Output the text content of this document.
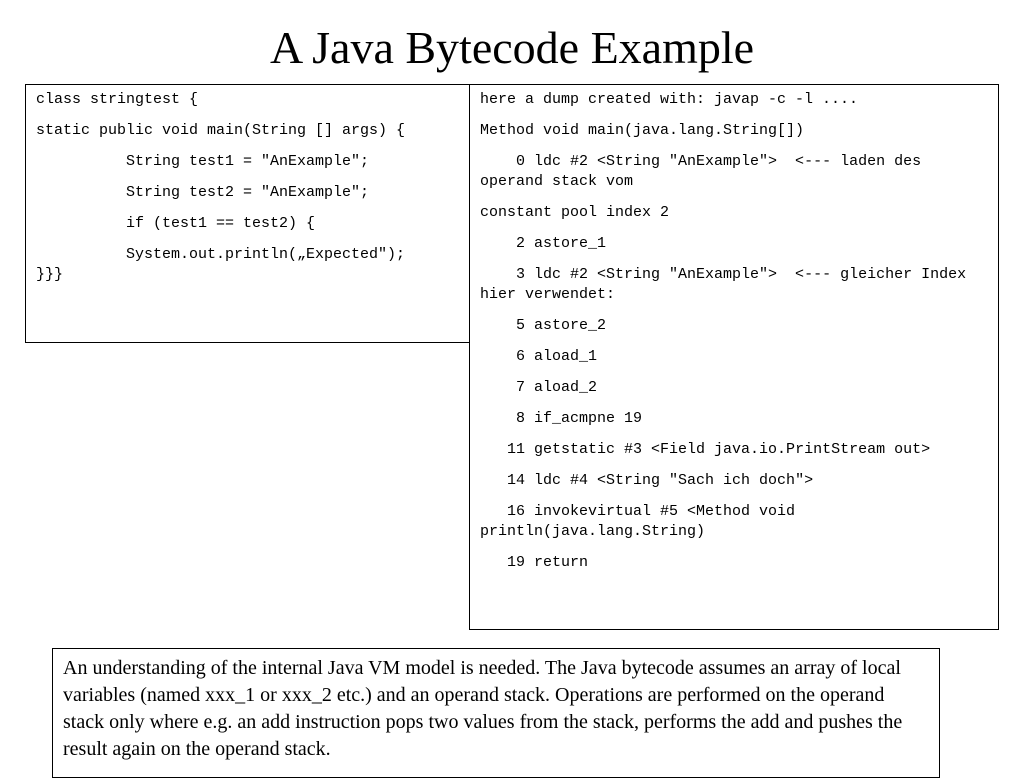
A Java Bytecode Example
class stringtest {
static public void main(String [] args) {
String test1 = "AnExample";
String test2 = "AnExample";
if (test1 == test2) {
System.out.println(„Expected");
}}}
here a dump created with: javap -c -l ....
Method void main(java.lang.String[])
0 ldc #2 <String "AnExample">  <--- laden des operand stack vom
constant pool index 2
2 astore_1
3 ldc #2 <String "AnExample">  <--- gleicher Index hier verwendet:
5 astore_2
6 aload_1
7 aload_2
8 if_acmpne 19
11 getstatic #3 <Field java.io.PrintStream out>
14 ldc #4 <String "Sach ich doch">
16 invokevirtual #5 <Method void println(java.lang.String)
19 return
An understanding of the internal Java VM model is needed. The Java bytecode assumes an array of local variables (named xxx_1 or xxx_2 etc.) and an operand stack. Operations are performed on the operand stack only where e.g. an add instruction pops two values from the stack, performs the add and pushes the result again on the operand stack.
